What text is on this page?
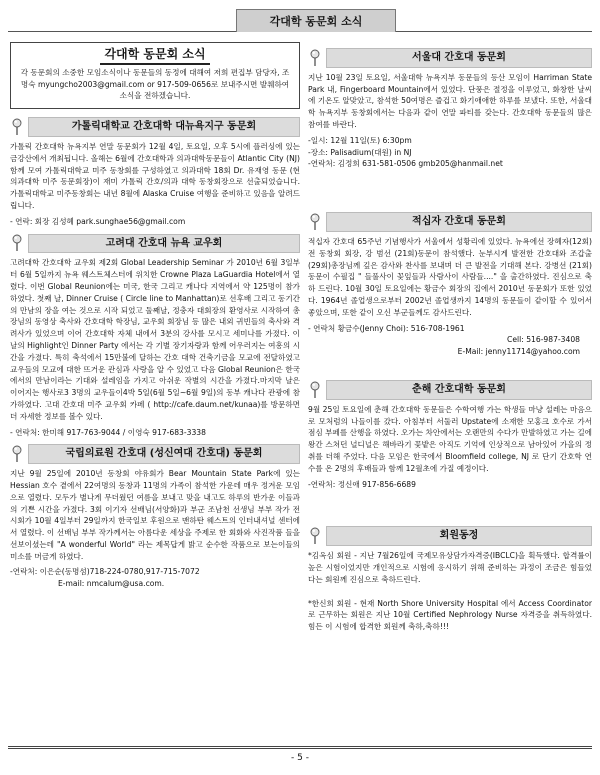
각대학 동문회 소식
각대학 동문회 소식

각 동문회의 소중한 모임소식이나 동문들의 동정에 대해여 저희 편집부 담당자, 조명숙 myungcho2003@gmail.com or 917-509-0656로 보내주시면 발췌하여 소식을 전하겠습니다.

가톨릭대학교 간호대학 대뉴욕지구 동문회

가톨릭 간호대학 뉴욕지부 연말 동문회가 12월 4일, 토요일, 오후 5시에 플러싱에 있는 금강산에서 개최됩니다. 올해는 6월에 간호대학과 의과대학동문들이 Atlantic City (NJ)함께 모여 가톨릭대학교 미주 동창회를 구성하였고 의과대학 18회 Dr. 유재영 동문 (현 의과대학 미주 동문회장)이 재미 가톨릭 간호/의과 대학 동창회장으로 선출되었습니다. 가톨릭대학교 미주동창회는 내년 8월에 Alaska Cruise 여행을 준비하고 있음을 알려드립니다.

- 연락: 회장 김성혜 park.sunghae56@gmail.com

고려대 간호대 뉴욕 교우회

고려대학 간호대학 교우회 제2회 Global Leadership Seminar 가 2010년 6월 3일부터 6월 5일까지 뉴욕 웨스트체스터에 위치한 Crowne Plaza LaGuardia Hotel에서 열렸다. 이번 Global Reunion에는 미국, 한국 그리고 캐나다 지역에서 약 125명이 참가 하였다. 첫째 날, Dinner Cruise ( Circle line to Manhattan)로 선후배 그리고 동기간의 만남의 장을 여는 것으로 시작 되었고 둘째날, 정충자 대회장의 환영사로 시작하여 총장님의 동영상 축사와 간호대학 학장님, 교우회 회장님 등 많은 내외 귀빈들의 축사와 격려사가 있었으며 이어 간호대학 자체 내에서 3분의 강사를 모시고 세미나를 가졌다. 이 날의 Highlight인 Dinner Party 에서는 각 기별 장기자랑과 함께 어우러지는 여흥의 시간을 가졌다. 특히 축석에서 15만불에 달하는 간호 대학 건축기금을 모교에 전달하였고 교우들의 모교에 대한 뜨거운 관심과 사랑을 알 수 있었고 다음 Global Reunion은 한국에서의 만남이라는 기대와 설레임을 가지고 아쉬운 작별의 시간을 가졌다.마지막 날은 이어지는 행사로3 3명의 교우들이4박 5일(6월 5일~6월 9일)의 동부 캐나다 관광에 참가하였다. 고대 간호대 미주 교우회 카페 ( http://cafe.daum.net/kunaa)를 방문하면 더 자세한 정보를 볼수 있다.

- 연락처: 한미해 917-763-9044 / 이영숙 917-683-3338

국립의료원 간호대 (성신여대 간호대) 동문회

지난 9월 25일에 2010년 동창회 야유회가 Bear Mountain State Park에 있는 Hessian 호수 곁에서 22여명의 동창과 11명의 가족이 참석한 가운데 매우 정겨운 모임으로 열렸다. 모두가 별나게 무더웠던 여름을 보내고 맞을 내고도 하루의 반가운 이들과의 기쁜 시간을 가졌다. 3회 이기자 선배님(서양화)과 부군 조남천 선생님 부부 작가 전시회가 10월 4일부터 29일까지 한국일보 후원으로 맨하탄 웨스트의 인터내셔널 센터에서 열렸다. 이 선배님 부부 작가께서는 아름다운 세상을 주제로 한 회화와 사진작품 들을 선보이셨는데 "A wonderful World" 라는 제목답게 밝고 순수한 작품으로 보는이들의 미소를 머금게 하였다.

-연락처: 이은순(동명섬)718-224-0780,917-715-7072

E-mail: nmcalum@usa.com.

서울대 간호대 동문회

지난 10월 23일 토요일, 서울대학 뉴욕지부 동문들의 등산 모임이 Harriman State Park 내, Fingerboard Mountain에서 있었다. 단풍은 절정을 이루었고, 화창한 날씨에 기온도 알맞았고, 참석한 50여명은 즐겁고 화기애애한 하루를 보냈다. 또한, 서울대학 뉴욕지부 동창회에서는 다음과 같이 연말 파티를 갖는다. 간호대학 동문들의 많은 참여를 바란다.

-일시: 12월 11일(토) 6:30pm

-장소: Palisadium(대원) in NJ

-연락처: 김정희 631-581-0506 gmb205@hanmail.net

적십자 간호대 동문회

적십자 간호대 65주년 기념행사가 서울에서 성황리에 있었다. 뉴욕에선 장혜자(12회) 전 동창회 회장, 강 범선 (21회)동문이 참석했다. 눈부시게 발전한 간호대와 조갑출 (29회)총장님께 깊은 감사와 찬사를 보내며 더 큰 발전을 기대해 본다. 강병선 (21회) 동문이 수필집 " 들풀사이 꽃잎들과 사람사이 사람들...." 을 출간하였다. 진심으로 축하 드린다. 10월 30일 토요일에는 황금수 회장의 집에서 2010년 동문회가 또한 있었다. 1964년 졸업생으로부터 2002년 졸업생까지 14명의 동문들이 같이할 수 있어서 좋았으며, 또한 같이 오신 부군들께도 감사드린다.

- 연락처 황금수(Jenny Choi): 516-708-1961

Cell: 516-987-3408

E-Mail: jenny11714@yahoo.com

춘해 간호대학 동문회

9월 25일 토요일에 춘해 간호대학 동문들은 수학여행 가는 학생들 마냥 설레는 마음으로 모처럼의 나들이를 갔다. 아침부터 서둘러 Upstate에 소재한 모홍크 호수로 가서 점심 부페를 산행을 하였다. 오가는 차안에서는 오랜만의 수다가 만발하였고 가는 길에 왕간 스쳐던 널디널은 해바라기 꽃밭은 아직도 기억에 인상적으로 남아있어 가을의 정취를 더해 주었다. 다음 모임은 한국에서 Bloomfield college, NJ 로 단기 간호학 연수를 온 2명의 후배들과 함께 12월초에 가질 예정이다.

-연락처: 정신애 917-856-6689

회원동정

*김옥심 회원 - 지난 7월26일에 국제모유상담가자격증(IBCLC)을 획득했다. 합격률이 높은 시험이었지만 개인적으로 시험에 응시하기 위해 준비하는 과정이 조금은 힘들었다는 회원께 진심으로 축하드린다.

*한신희 회원 - 현재 North Shore University Hospital 에서 Access Coordinator 로 근무하는 회원은 지난 10월 Certified Nephrology Nurse 자격증을 취득하였다. 힘든 이 시험에 합격한 회원께 축하,축하!!!

- 5 -
